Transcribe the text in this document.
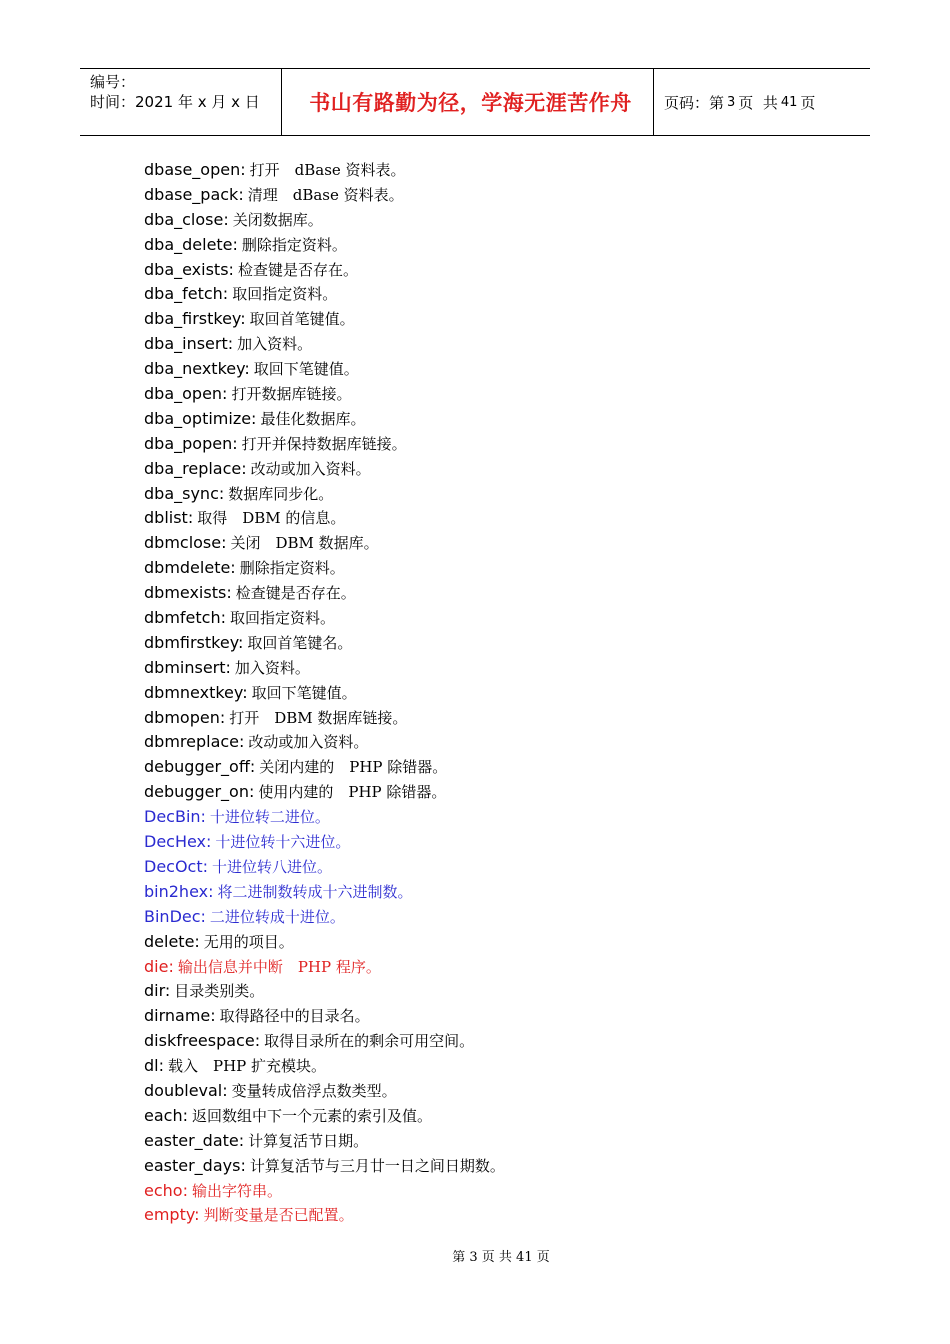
编号：
时间：2021 年 x 月 x 日	书山有路勤为径，学海无涯苦作舟 页码：第 3 页  共 41 页
dbase_open: 打开　dBase 资料表。
dbase_pack: 清理　dBase 资料表。
dba_close: 关闭数据库。
dba_delete: 删除指定资料。
dba_exists: 检查键是否存在。
dba_fetch: 取回指定资料。
dba_firstkey: 取回首笔键值。
dba_insert: 加入资料。
dba_nextkey: 取回下笔键值。
dba_open: 打开数据库链接。
dba_optimize: 最佳化数据库。
dba_popen: 打开并保持数据库链接。
dba_replace: 改动或加入资料。
dba_sync: 数据库同步化。
dblist: 取得　DBM 的信息。
dbmclose: 关闭　DBM 数据库。
dbmdelete: 删除指定资料。
dbmexists: 检查键是否存在。
dbmfetch: 取回指定资料。
dbmfirstkey: 取回首笔键名。
dbminsert: 加入资料。
dbmnextkey: 取回下笔键值。
dbmopen: 打开　DBM 数据库链接。
dbmreplace: 改动或加入资料。
debugger_off: 关闭内建的　PHP 除错器。
debugger_on: 使用内建的　PHP 除错器。
DecBin: 十进位转二进位。
DecHex: 十进位转十六进位。
DecOct: 十进位转八进位。
bin2hex: 将二进制数转成十六进制数。
BinDec: 二进位转成十进位。
delete: 无用的项目。
die: 输出信息并中断　PHP 程序。
dir: 目录类别类。
dirname: 取得路径中的目录名。
diskfreespace: 取得目录所在的剩余可用空间。
dl: 载入　PHP 扩充模块。
doubleval: 变量转成倍浮点数类型。
each: 返回数组中下一个元素的索引及值。
easter_date: 计算复活节日期。
easter_days: 计算复活节与三月廿一日之间日期数。
echo: 输出字符串。
empty: 判断变量是否已配置。
第 3 页 共 41 页
